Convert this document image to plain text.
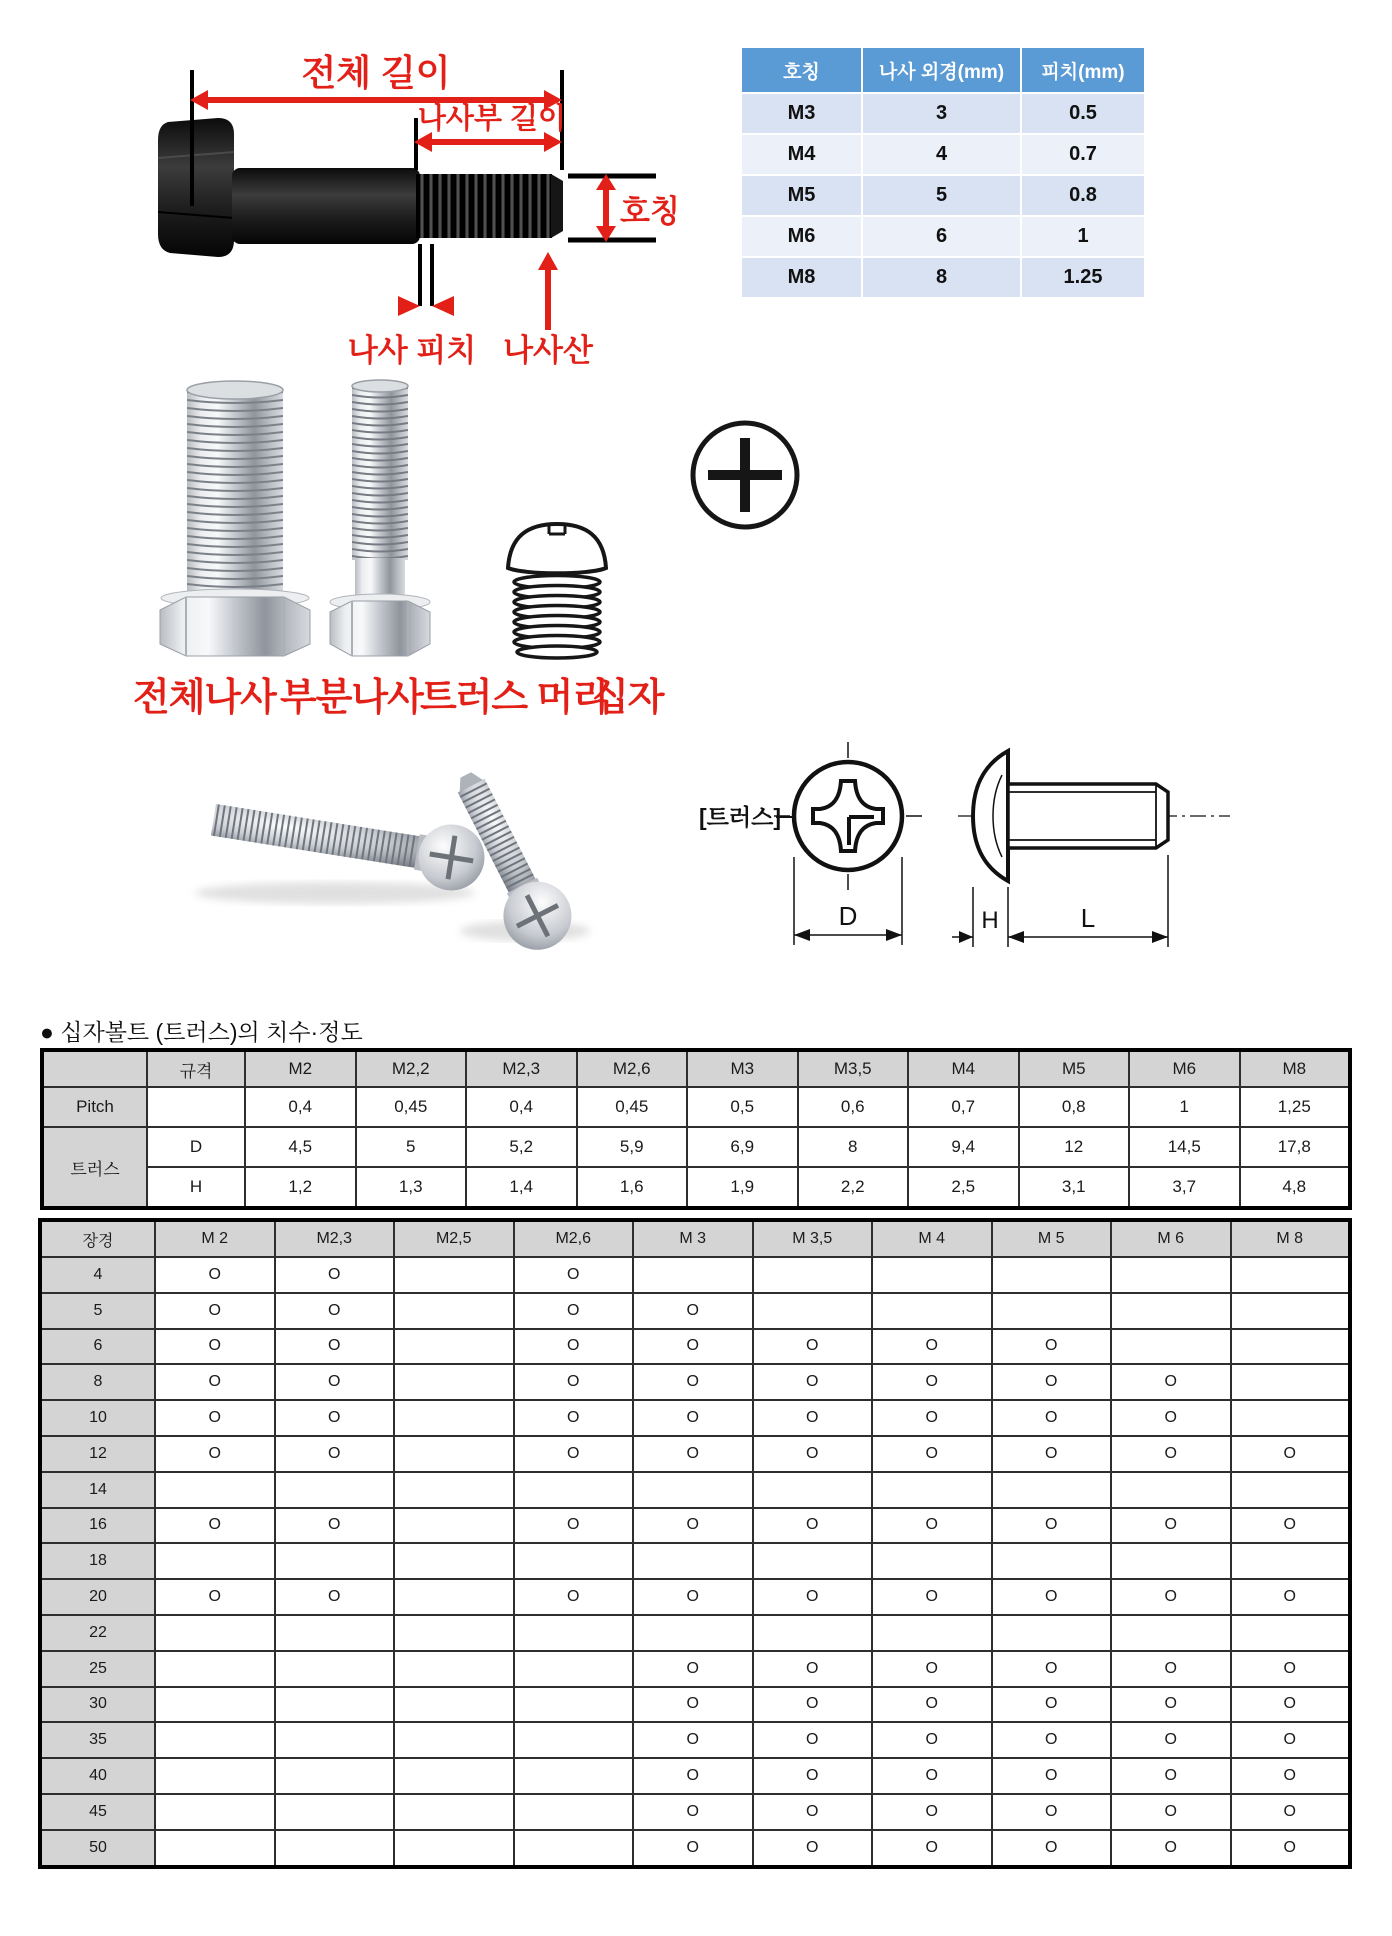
전체 길이
나사부 길이
호칭
나사 피치 나사산
호칭	나사 외경(mm)	피치(mm)
M3	3	0.5
M4	4	0.7
M5	5	0.8
M6	6	1
M8	8	1.25
전체나사 부분나사
트러스 머리
십자
[트러스]
D	H	L
● 십자볼트 (트러스)의 치수·정도
	규격	M2	M2,2	M2,3	M2,6	M3	M3,5	M4	M5	M6	M8
Pitch		0,4	0,45	0,4	0,45	0,5	0,6	0,7	0,8	1	1,25
트러스	D	4,5	5	5,2	5,9	6,9	8	9,4	12	14,5	17,8
	H	1,2	1,3	1,4	1,6	1,9	2,2	2,5	3,1	3,7	4,8
장경	M 2	M2,3	M2,5	M2,6	M 3	M 3,5	M 4	M 5	M 6	M 8
4	O	O		O						
5	O	O		O	O					
6	O	O		O	O	O	O	O		
8	O	O		O	O	O	O	O	O	
10	O	O		O	O	O	O	O	O	
12	O	O		O	O	O	O	O	O	O
14										
16	O	O		O	O	O	O	O	O	O
18										
20	O	O		O	O	O	O	O	O	O
22										
25					O	O	O	O	O	O
30					O	O	O	O	O	O
35					O	O	O	O	O	O
40					O	O	O	O	O	O
45					O	O	O	O	O	O
50					O	O	O	O	O	O
